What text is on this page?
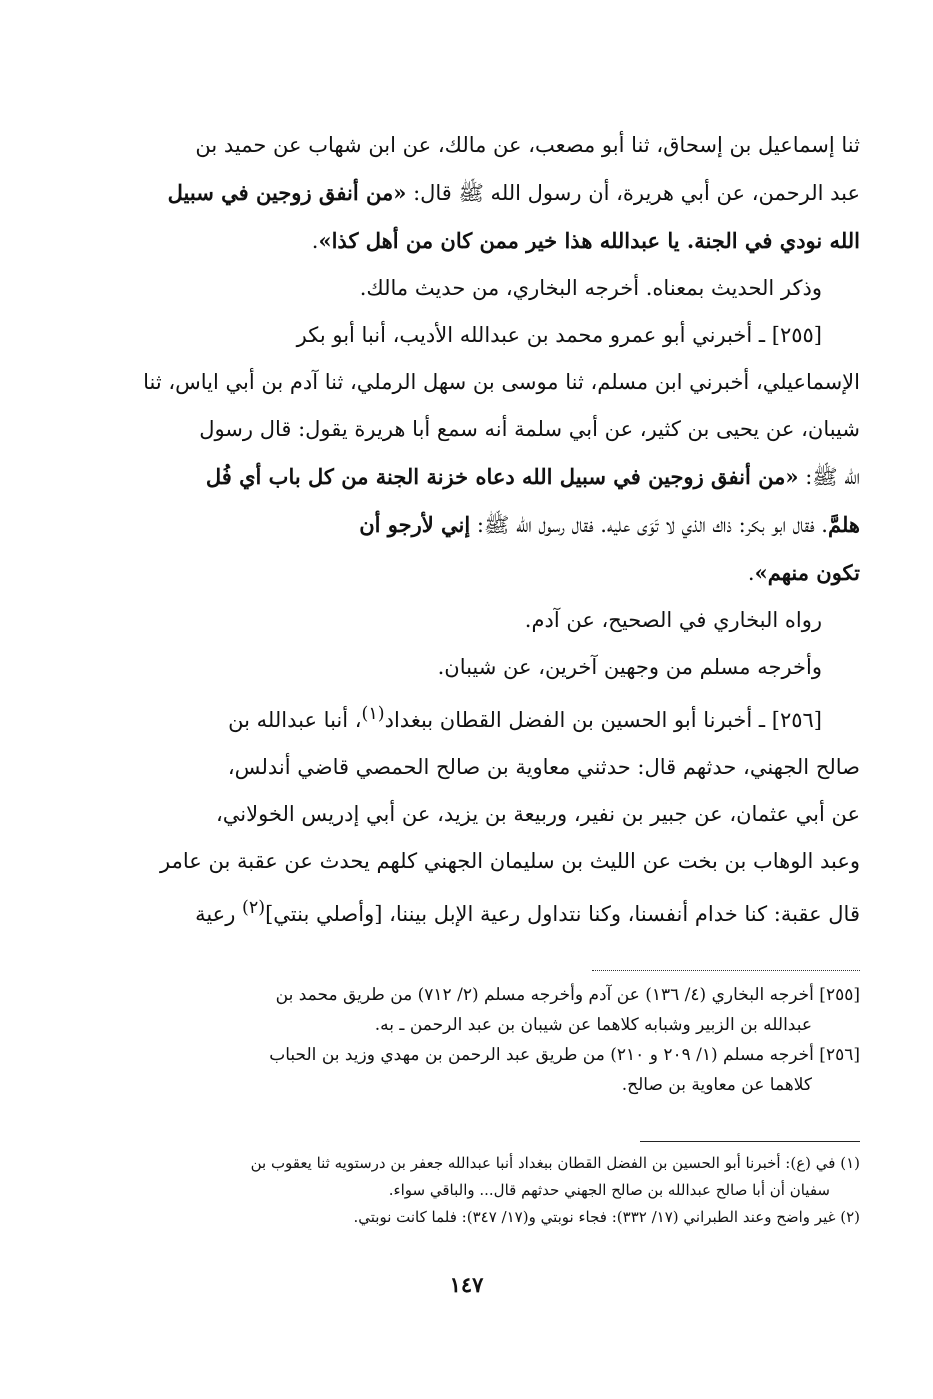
ثنا إسماعيل بن إسحاق، ثنا أبو مصعب، عن مالك، عن ابن شهاب عن حميد بن
عبد الرحمن، عن أبي هريرة، أن رسول الله ﷺ قال: «من أنفق زوجين في سبيل
الله نودي في الجنة. يا عبدالله هذا خير ممن كان من أهل كذا».
وذكر الحديث بمعناه. أخرجه البخاري، من حديث مالك.
[٢٥٥] ـ أخبرني أبو عمرو محمد بن عبدالله الأديب، أنبا أبو بكر
الإسماعيلي، أخبرني ابن مسلم، ثنا موسى بن سهل الرملي، ثنا آدم بن أبي اياس، ثنا
شيبان، عن يحيى بن كثير، عن أبي سلمة أنه سمع أبا هريرة يقول: قال رسول
الله ﷺ: «من أنفق زوجين في سبيل الله دعاه خزنة الجنة من كل باب أي فُل
هلمَّ. فقال ابو بكر: ذاك الذي لا تَوَى عليه. فقال رسول الله ﷺ: إني لأرجو أن
تكون منهم».
رواه البخاري في الصحيح، عن آدم.
وأخرجه مسلم من وجهين آخرين، عن شيبان.
[٢٥٦] ـ أخبرنا أبو الحسين بن الفضل القطان ببغداد$^{(١)}$، أنبا عبدالله بن
صالح الجهني، حدثهم قال: حدثني معاوية بن صالح الحمصي قاضي أندلس،
عن أبي عثمان، عن جبير بن نفير، وربيعة بن يزيد، عن أبي إدريس الخولاني،
وعبد الوهاب بن بخت عن الليث بن سليمان الجهني كلهم يحدث عن عقبة بن عامر
قال عقبة: كنا خدام أنفسنا، وكنا نتداول رعية الإبل بيننا، [وأصلي بنتي]$^{(٢)}$ رعية
[٢٥٥] أخرجه البخاري (٤/ ١٣٦) عن آدم وأخرجه مسلم (٢/ ٧١٢) من طريق محمد بن
عبدالله بن الزبير وشبابه كلاهما عن شيبان بن عبد الرحمن ـ به.
[٢٥٦] أخرجه مسلم (١/ ٢٠٩ و ٢١٠) من طريق عبد الرحمن بن مهدي وزيد بن الحباب
كلاهما عن معاوية بن صالح.
(١) في (ع): أخبرنا أبو الحسين بن الفضل القطان ببغداد أنبا عبدالله جعفر بن درستويه ثنا يعقوب بن
سفيان أن أبا صالح عبدالله بن صالح الجهني حدثهم قال... والباقي سواء.
(٢) غير واضح وعند الطبراني (١٧/ ٣٣٢): فجاء نوبتي و(١٧/ ٣٤٧): فلما كانت نوبتي.
١٤٧
